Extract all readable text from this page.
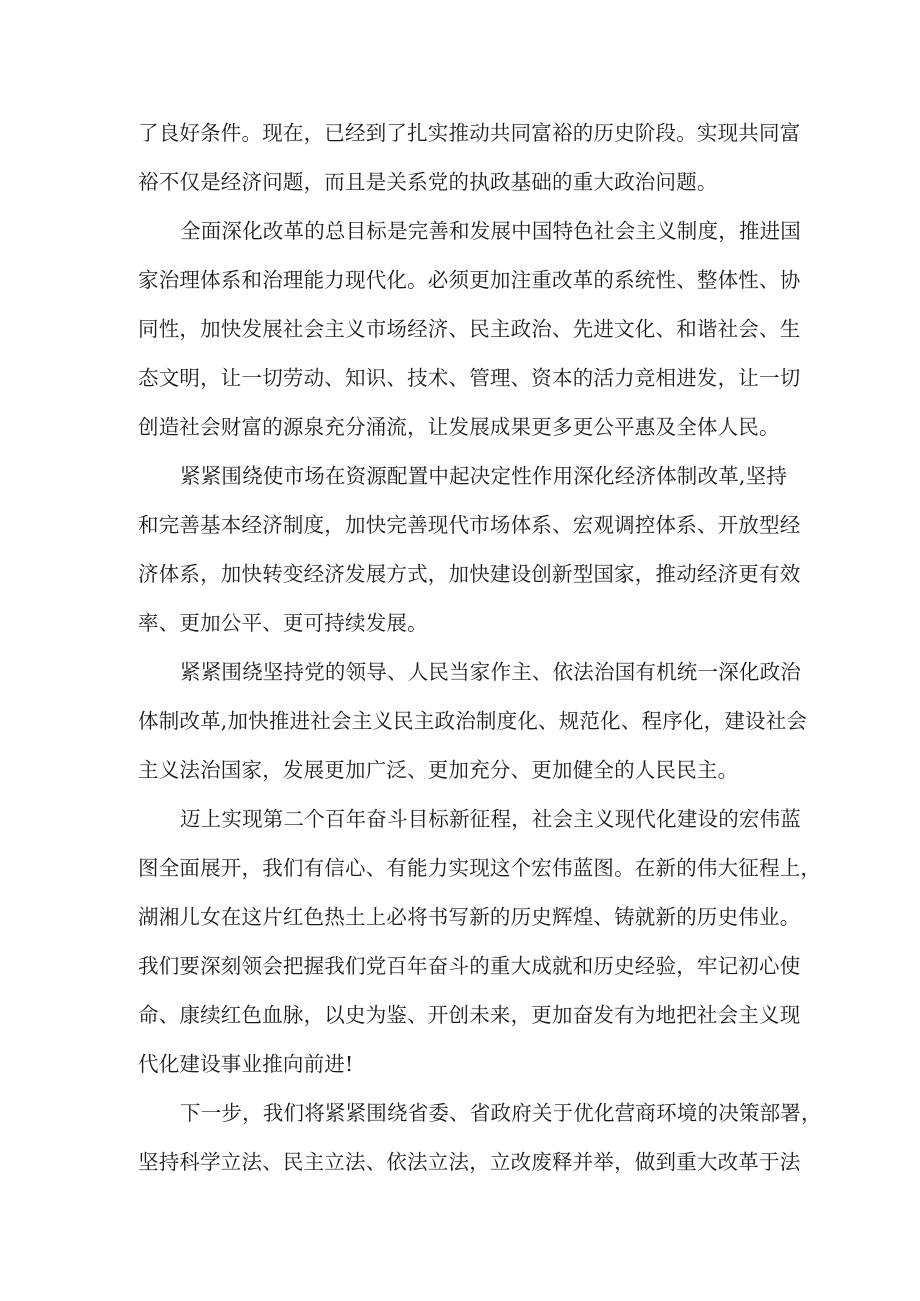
了良好条件。现在，已经到了扎实推动共同富裕的历史阶段。实现共同富
裕不仅是经济问题，而且是关系党的执政基础的重大政治问题。
全面深化改革的总目标是完善和发展中国特色社会主义制度，推进国
家治理体系和治理能力现代化。必须更加注重改革的系统性、整体性、协
同性，加快发展社会主义市场经济、民主政治、先进文化、和谐社会、生
态文明，让一切劳动、知识、技术、管理、资本的活力竞相进发，让一切
创造社会财富的源泉充分涌流，让发展成果更多更公平惠及全体人民。
紧紧围绕使市场在资源配置中起决定性作用深化经济体制改革,坚持
和完善基本经济制度，加快完善现代市场体系、宏观调控体系、开放型经
济体系，加快转变经济发展方式，加快建设创新型国家，推动经济更有效
率、更加公平、更可持续发展。
紧紧围绕坚持党的领导、人民当家作主、依法治国有机统一深化政治
体制改革,加快推进社会主义民主政治制度化、规范化、程序化，建设社会
主义法治国家，发展更加广泛、更加充分、更加健全的人民民主。
迈上实现第二个百年奋斗目标新征程，社会主义现代化建设的宏伟蓝
图全面展开，我们有信心、有能力实现这个宏伟蓝图。在新的伟大征程上，
湖湘儿女在这片红色热土上必将书写新的历史辉煌、铸就新的历史伟业。
我们要深刻领会把握我们党百年奋斗的重大成就和历史经验，牢记初心使
命、康续红色血脉，以史为鉴、开创未来，更加奋发有为地把社会主义现
代化建设事业推向前进!
下一步，我们将紧紧围绕省委、省政府关于优化营商环境的决策部署，
坚持科学立法、民主立法、依法立法，立改废释并举，做到重大改革于法
